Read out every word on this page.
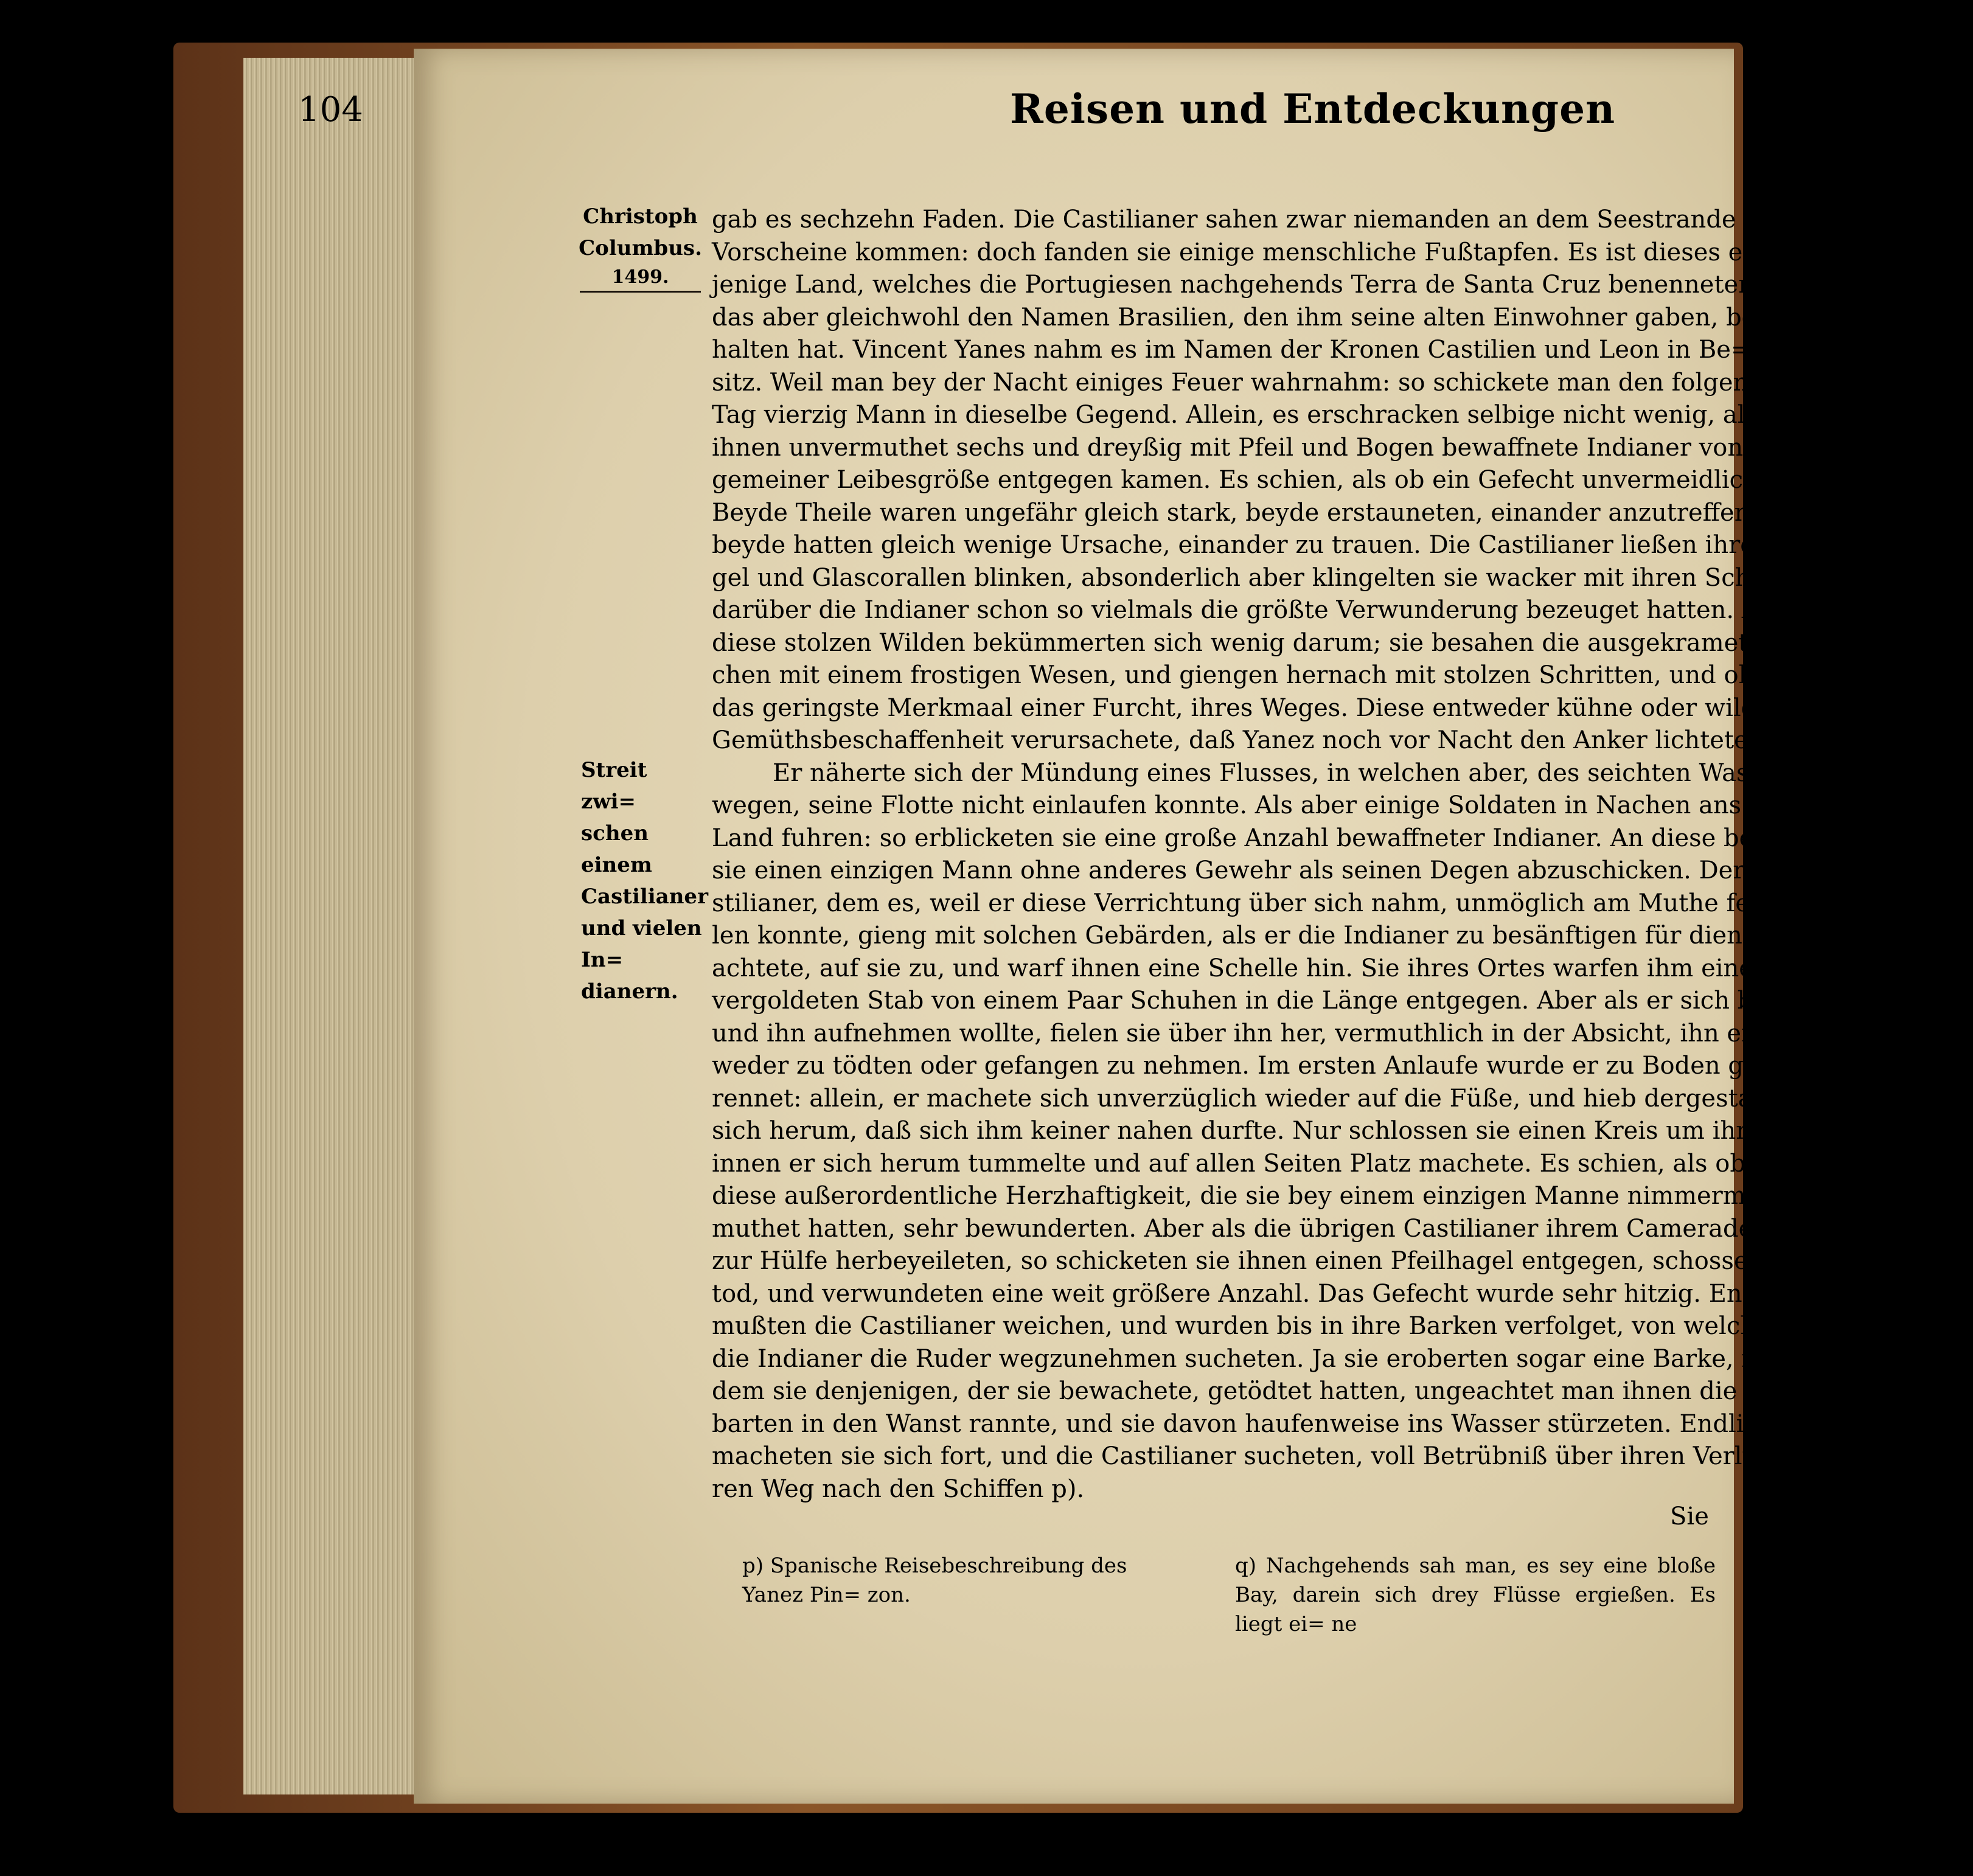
104	Reisen und Entdeckungen
Christoph
Columbus.
1499.
Streit zwi=
schen einem
Castilianer
und vielen In=
dianern.
gab es sechzehn Faden. Die Castilianer sahen zwar niemanden an dem Seestrande zum
Vorscheine kommen: doch fanden sie einige menschliche Fußtapfen. Es ist dieses eben das=
jenige Land, welches die Portugiesen nachgehends Terra de Santa Cruz benenneten,
das aber gleichwohl den Namen Brasilien, den ihm seine alten Einwohner gaben, beybe=
halten hat. Vincent Yanes nahm es im Namen der Kronen Castilien und Leon in Be=
sitz. Weil man bey der Nacht einiges Feuer wahrnahm: so schickete man den folgenden
Tag vierzig Mann in dieselbe Gegend. Allein, es erschracken selbige nicht wenig, als
ihnen unvermuthet sechs und dreyßig mit Pfeil und Bogen bewaffnete Indianer von un=
gemeiner Leibesgröße entgegen kamen. Es schien, als ob ein Gefecht unvermeidlich sey.
Beyde Theile waren ungefähr gleich stark, beyde erstauneten, einander anzutreffen, und
beyde hatten gleich wenige Ursache, einander zu trauen. Die Castilianer ließen ihre Spie=
gel und Glascorallen blinken, absonderlich aber klingelten sie wacker mit ihren Schellen,
darüber die Indianer schon so vielmals die größte Verwunderung bezeuget hatten. Allein,
diese stolzen Wilden bekümmerten sich wenig darum; sie besahen die ausgekrameten Sa=
chen mit einem frostigen Wesen, und giengen hernach mit stolzen Schritten, und ohne
das geringste Merkmaal einer Furcht, ihres Weges. Diese entweder kühne oder wilde
Gemüthsbeschaffenheit verursachete, daß Yanez noch vor Nacht den Anker lichtete.
Er näherte sich der Mündung eines Flusses, in welchen aber, des seichten Wassers
wegen, seine Flotte nicht einlaufen konnte. Als aber einige Soldaten in Nachen ans
Land fuhren: so erblicketen sie eine große Anzahl bewaffneter Indianer. An diese beschlossen
sie einen einzigen Mann ohne anderes Gewehr als seinen Degen abzuschicken. Der Ca=
stilianer, dem es, weil er diese Verrichtung über sich nahm, unmöglich am Muthe feh=
len konnte, gieng mit solchen Gebärden, als er die Indianer zu besänftigen für dienlich er=
achtete, auf sie zu, und warf ihnen eine Schelle hin. Sie ihres Ortes warfen ihm einen
vergoldeten Stab von einem Paar Schuhen in die Länge entgegen. Aber als er sich bückete
und ihn aufnehmen wollte, fielen sie über ihn her, vermuthlich in der Absicht, ihn ent=
weder zu tödten oder gefangen zu nehmen. Im ersten Anlaufe wurde er zu Boden ge=
rennet: allein, er machete sich unverzüglich wieder auf die Füße, und hieb dergestalt um
sich herum, daß sich ihm keiner nahen durfte. Nur schlossen sie einen Kreis um ihn, dar=
innen er sich herum tummelte und auf allen Seiten Platz machete. Es schien, als ob sie
diese außerordentliche Herzhaftigkeit, die sie bey einem einzigen Manne nimmermehr ver=
muthet hatten, sehr bewunderten. Aber als die übrigen Castilianer ihrem Cameraden
zur Hülfe herbeyeileten, so schicketen sie ihnen einen Pfeilhagel entgegen, schossen acht bis zehn
tod, und verwundeten eine weit größere Anzahl. Das Gefecht wurde sehr hitzig. Endlich
mußten die Castilianer weichen, und wurden bis in ihre Barken verfolget, von welchen
die Indianer die Ruder wegzunehmen sucheten. Ja sie eroberten sogar eine Barke, nach=
dem sie denjenigen, der sie bewachete, getödtet hatten, ungeachtet man ihnen die Degen und Helle=
barten in den Wanst rannte, und sie davon haufenweise ins Wasser stürzeten. Endlich
macheten sie sich fort, und die Castilianer sucheten, voll Betrübniß über ihren Verlust, ih=
ren Weg nach den Schiffen p).
Sie
p) Spanische Reisebeschreibung des Yanez Pin= zon.
q) Nachgehends sah man, es sey eine bloße Bay, darein sich drey Flüsse ergießen. Es liegt ei= ne
